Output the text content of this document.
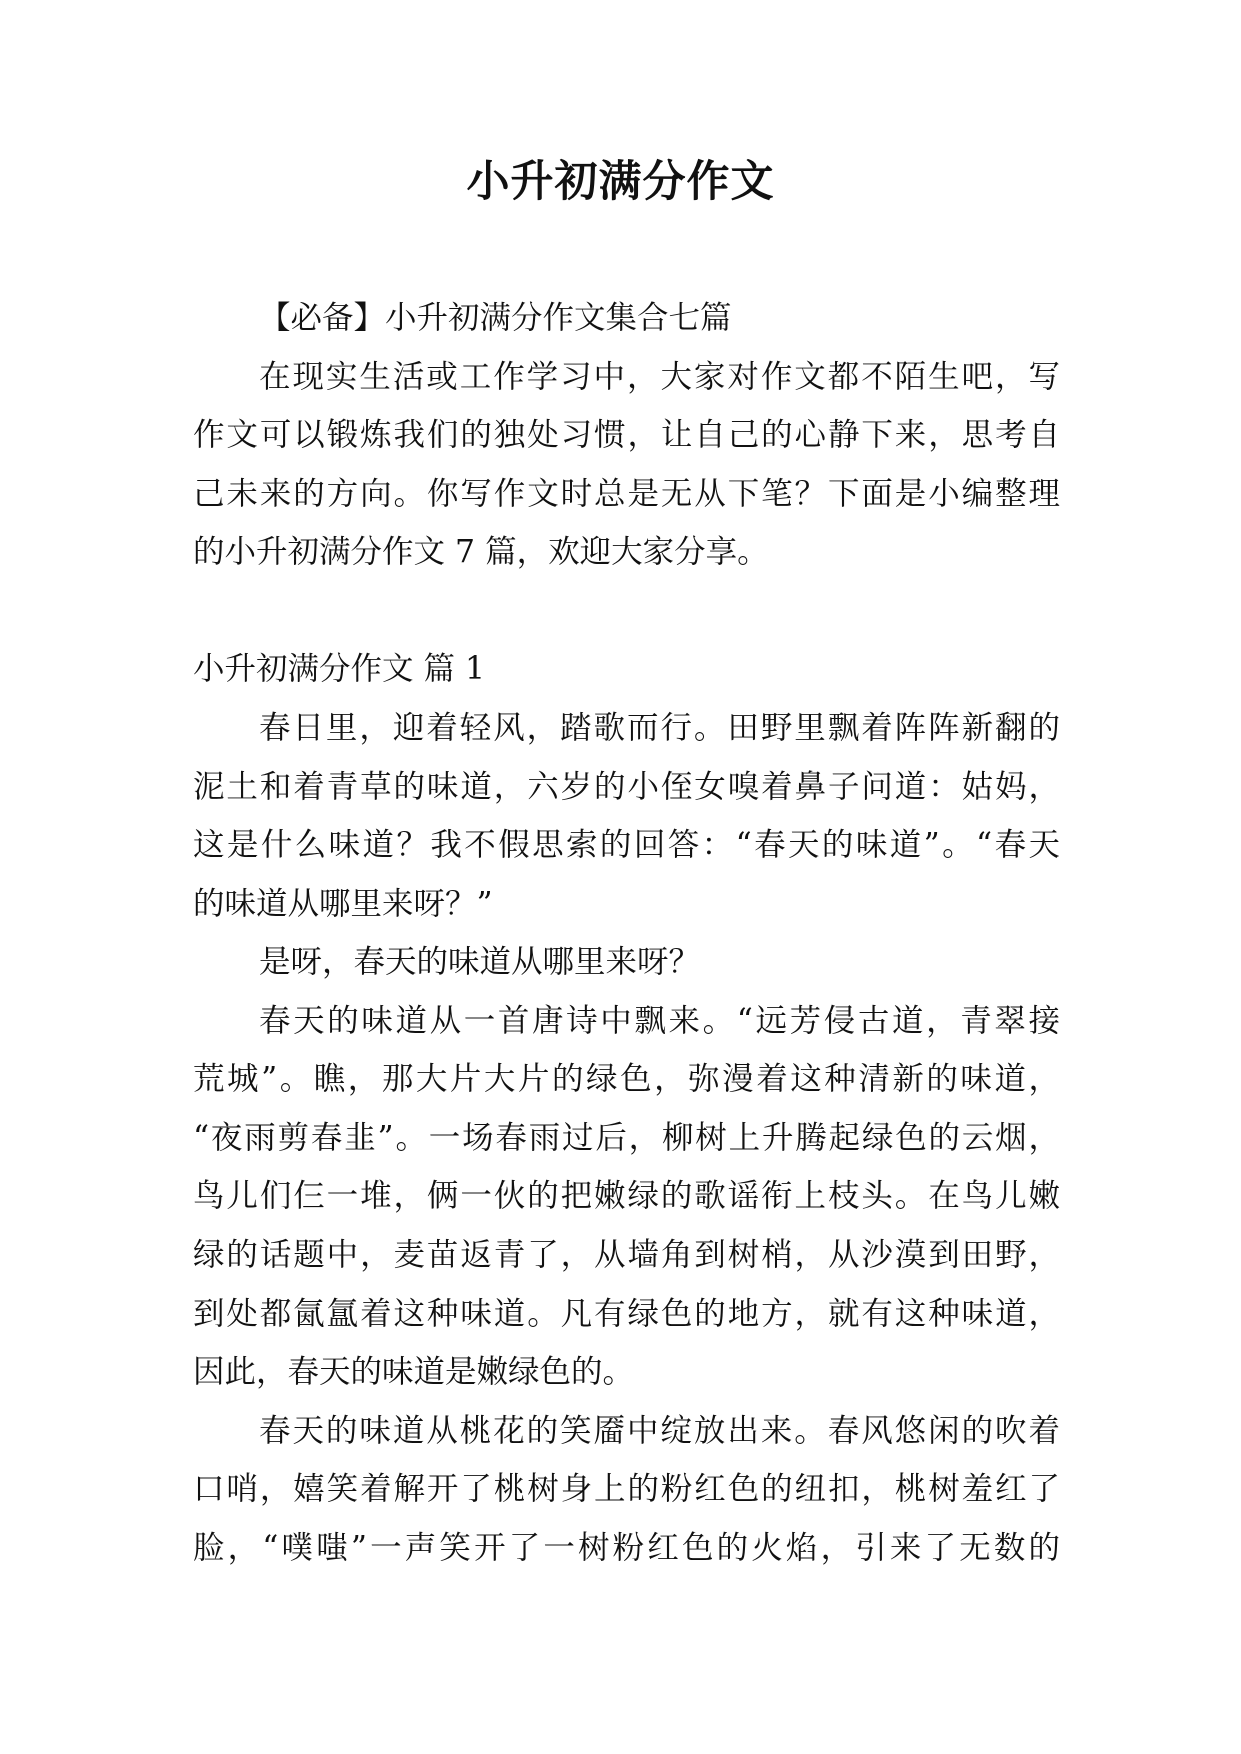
小升初满分作文
【必备】小升初满分作文集合七篇
在现实生活或工作学习中，大家对作文都不陌生吧，写
作文可以锻炼我们的独处习惯，让自己的心静下来，思考自
己未来的方向。你写作文时总是无从下笔？下面是小编整理
的小升初满分作文 7 篇，欢迎大家分享。
小升初满分作文 篇 1
春日里，迎着轻风，踏歌而行。田野里飘着阵阵新翻的
泥土和着青草的味道，六岁的小侄女嗅着鼻子问道：姑妈，
这是什么味道？我不假思索的回答：“春天的味道”。“春天
的味道从哪里来呀？”
是呀，春天的味道从哪里来呀？
春天的味道从一首唐诗中飘来。“远芳侵古道，青翠接
荒城”。瞧，那大片大片的绿色，弥漫着这种清新的味道，
“夜雨剪春韭”。一场春雨过后，柳树上升腾起绿色的云烟，
鸟儿们仨一堆，俩一伙的把嫩绿的歌谣衔上枝头。在鸟儿嫩
绿的话题中，麦苗返青了，从墙角到树梢，从沙漠到田野，
到处都氤氲着这种味道。凡有绿色的地方，就有这种味道，
因此，春天的味道是嫩绿色的。
春天的味道从桃花的笑靥中绽放出来。春风悠闲的吹着
口哨，嬉笑着解开了桃树身上的粉红色的纽扣，桃树羞红了
脸，“噗嗤”一声笑开了一树粉红色的火焰，引来了无数的
